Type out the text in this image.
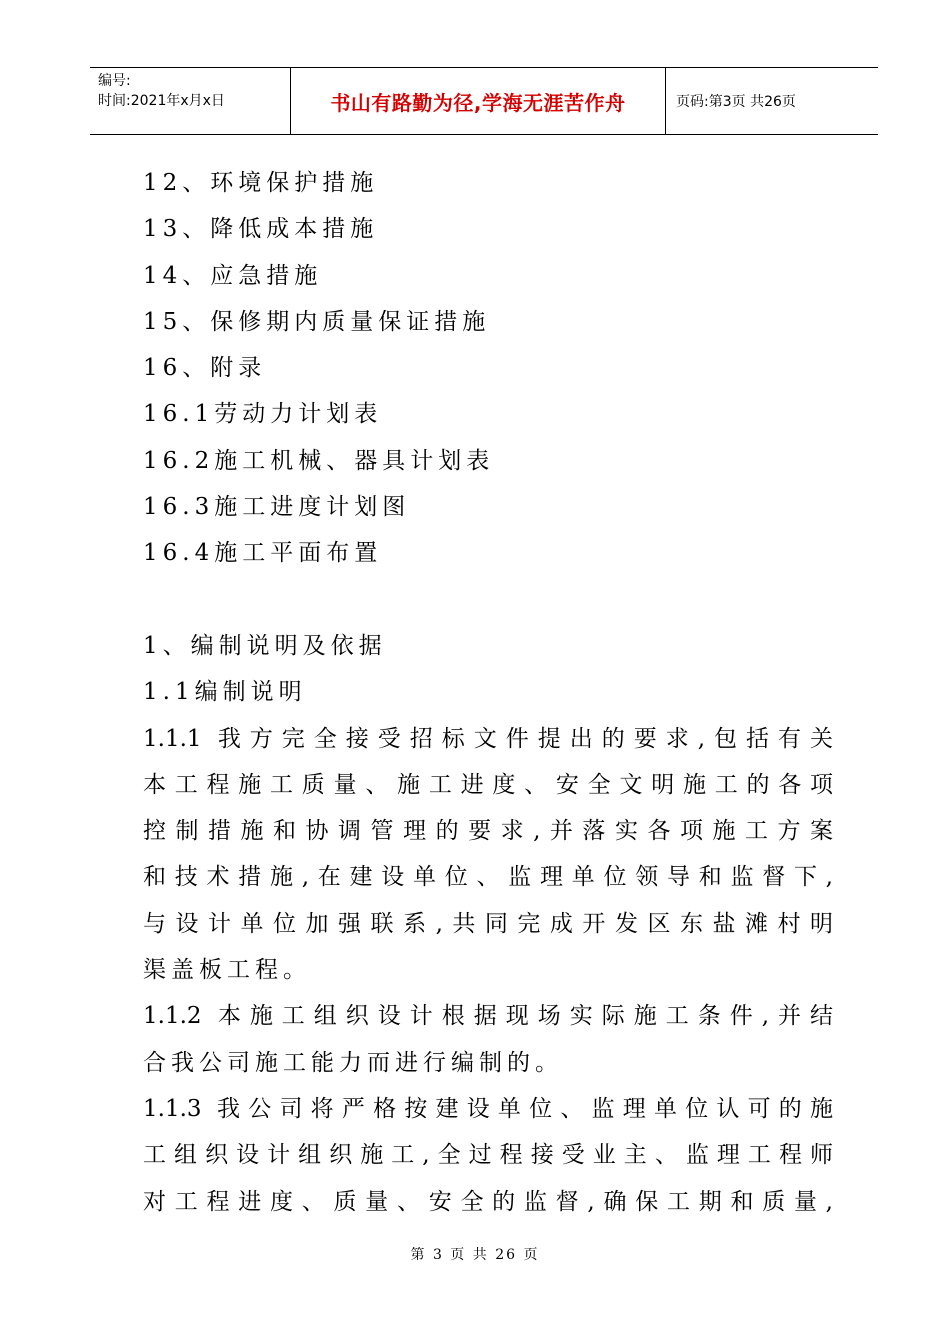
编号:
时间:2021年x月x日	书山有路勤为径,学海无涯苦作舟	页码:第3页 共26页
12、环境保护措施
13、降低成本措施
14、应急措施
15、保修期内质量保证措施
16、附录
16.1劳动力计划表
16.2施工机械、器具计划表
16.3施工进度计划图
16.4施工平面布置
1、编制说明及依据
1.1编制说明
1.1.1 我方完全接受招标文件提出的要求,包括有关
本工程施工质量、施工进度、安全文明施工的各项
控制措施和协调管理的要求,并落实各项施工方案
和技术措施,在建设单位、监理单位领导和监督下,
与设计单位加强联系,共同完成开发区东盐滩村明
渠盖板工程。
1.1.2 本施工组织设计根据现场实际施工条件,并结
合我公司施工能力而进行编制的。
1.1.3 我公司将严格按建设单位、监理单位认可的施
工组织设计组织施工,全过程接受业主、监理工程师
对工程进度、质量、安全的监督,确保工期和质量,
第 3 页 共 26 页
